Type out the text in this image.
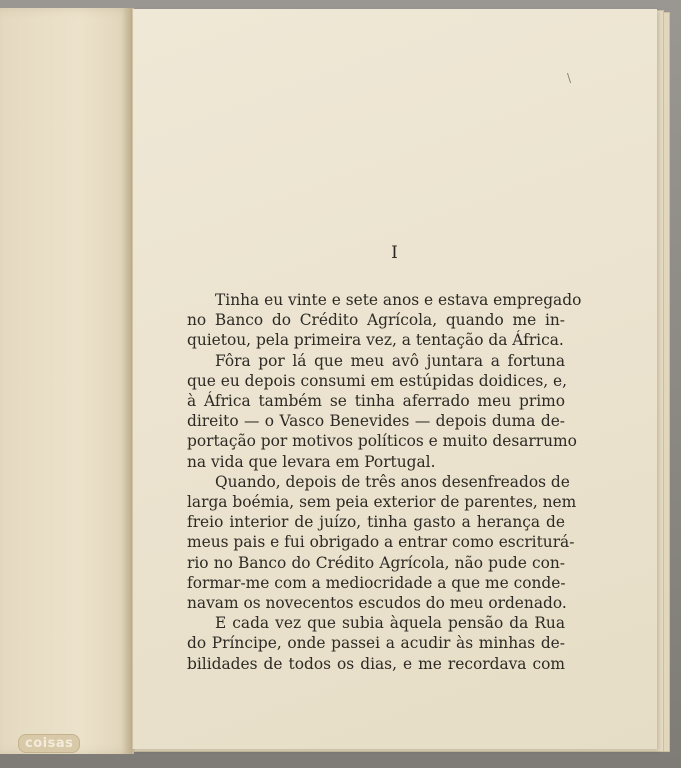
\
I
Tinha eu vinte e sete anos e estava empregado
no Banco do Crédito Agrícola, quando me in-
quietou, pela primeira vez, a tentação da África.
Fôra por lá que meu avô juntara a fortuna
que eu depois consumi em estúpidas doidices, e,
à África também se tinha aferrado meu primo
direito — o Vasco Benevides — depois duma de-
portação por motivos políticos e muito desarrumo
na vida que levara em Portugal.
Quando, depois de três anos desenfreados de
larga boémia, sem peia exterior de parentes, nem
freio interior de juízo, tinha gasto a herança de
meus pais e fui obrigado a entrar como escriturá-
rio no Banco do Crédito Agrícola, não pude con-
formar-me com a mediocridade a que me conde-
navam os novecentos escudos do meu ordenado.
E cada vez que subia àquela pensão da Rua
do Príncipe, onde passei a acudir às minhas de-
bilidades de todos os dias, e me recordava com
coisas
